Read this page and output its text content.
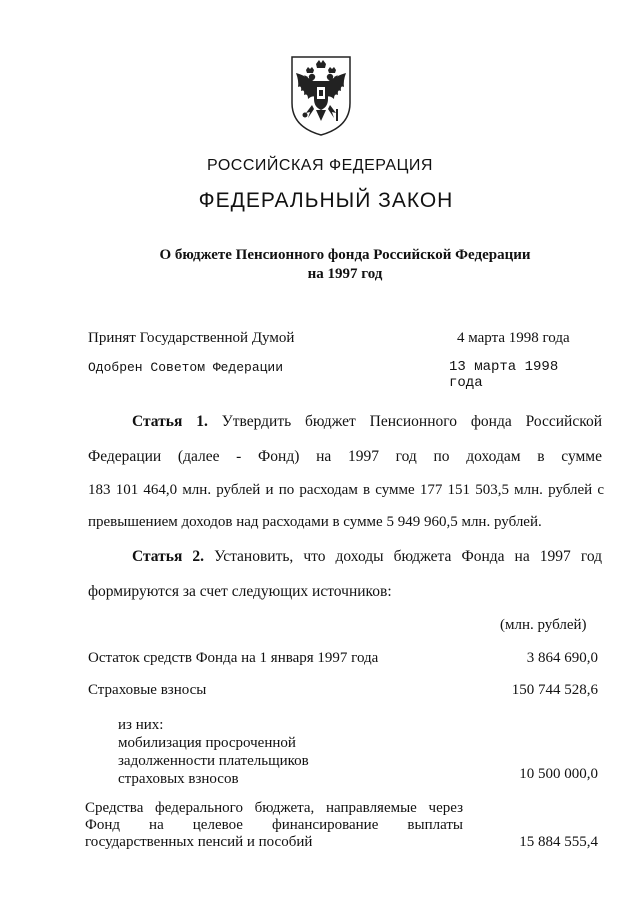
РОССИЙСКАЯ ФЕДЕРАЦИЯ
ФЕДЕРАЛЬНЫЙ ЗАКОН
О бюджете Пенсионного фонда Российской Федерации
на 1997 год
Принят Государственной Думой	4 марта 1998 года
Одобрен Советом Федерации	13 марта 1998 года
Статья 1. Утвердить бюджет Пенсионного фонда Российской
Федерации (далее - Фонд) на 1997 год по доходам в сумме
183 101 464,0 млн. рублей и по расходам в сумме 177 151 503,5 млн. рублей с
превышением доходов над расходами в сумме 5 949 960,5 млн. рублей.
Статья 2. Установить, что доходы бюджета Фонда на 1997 год
формируются за счет следующих источников:
(млн. рублей)
Остаток средств Фонда на 1 января 1997 года	3 864 690,0
Страховые взносы	150 744 528,6
из них:
мобилизация просроченной
задолженности плательщиков
страховых взносов	10 500 000,0
Средства федерального бюджета, направляемые через
Фонд на целевое финансирование выплаты
государственных пенсий и пособий	15 884 555,4
